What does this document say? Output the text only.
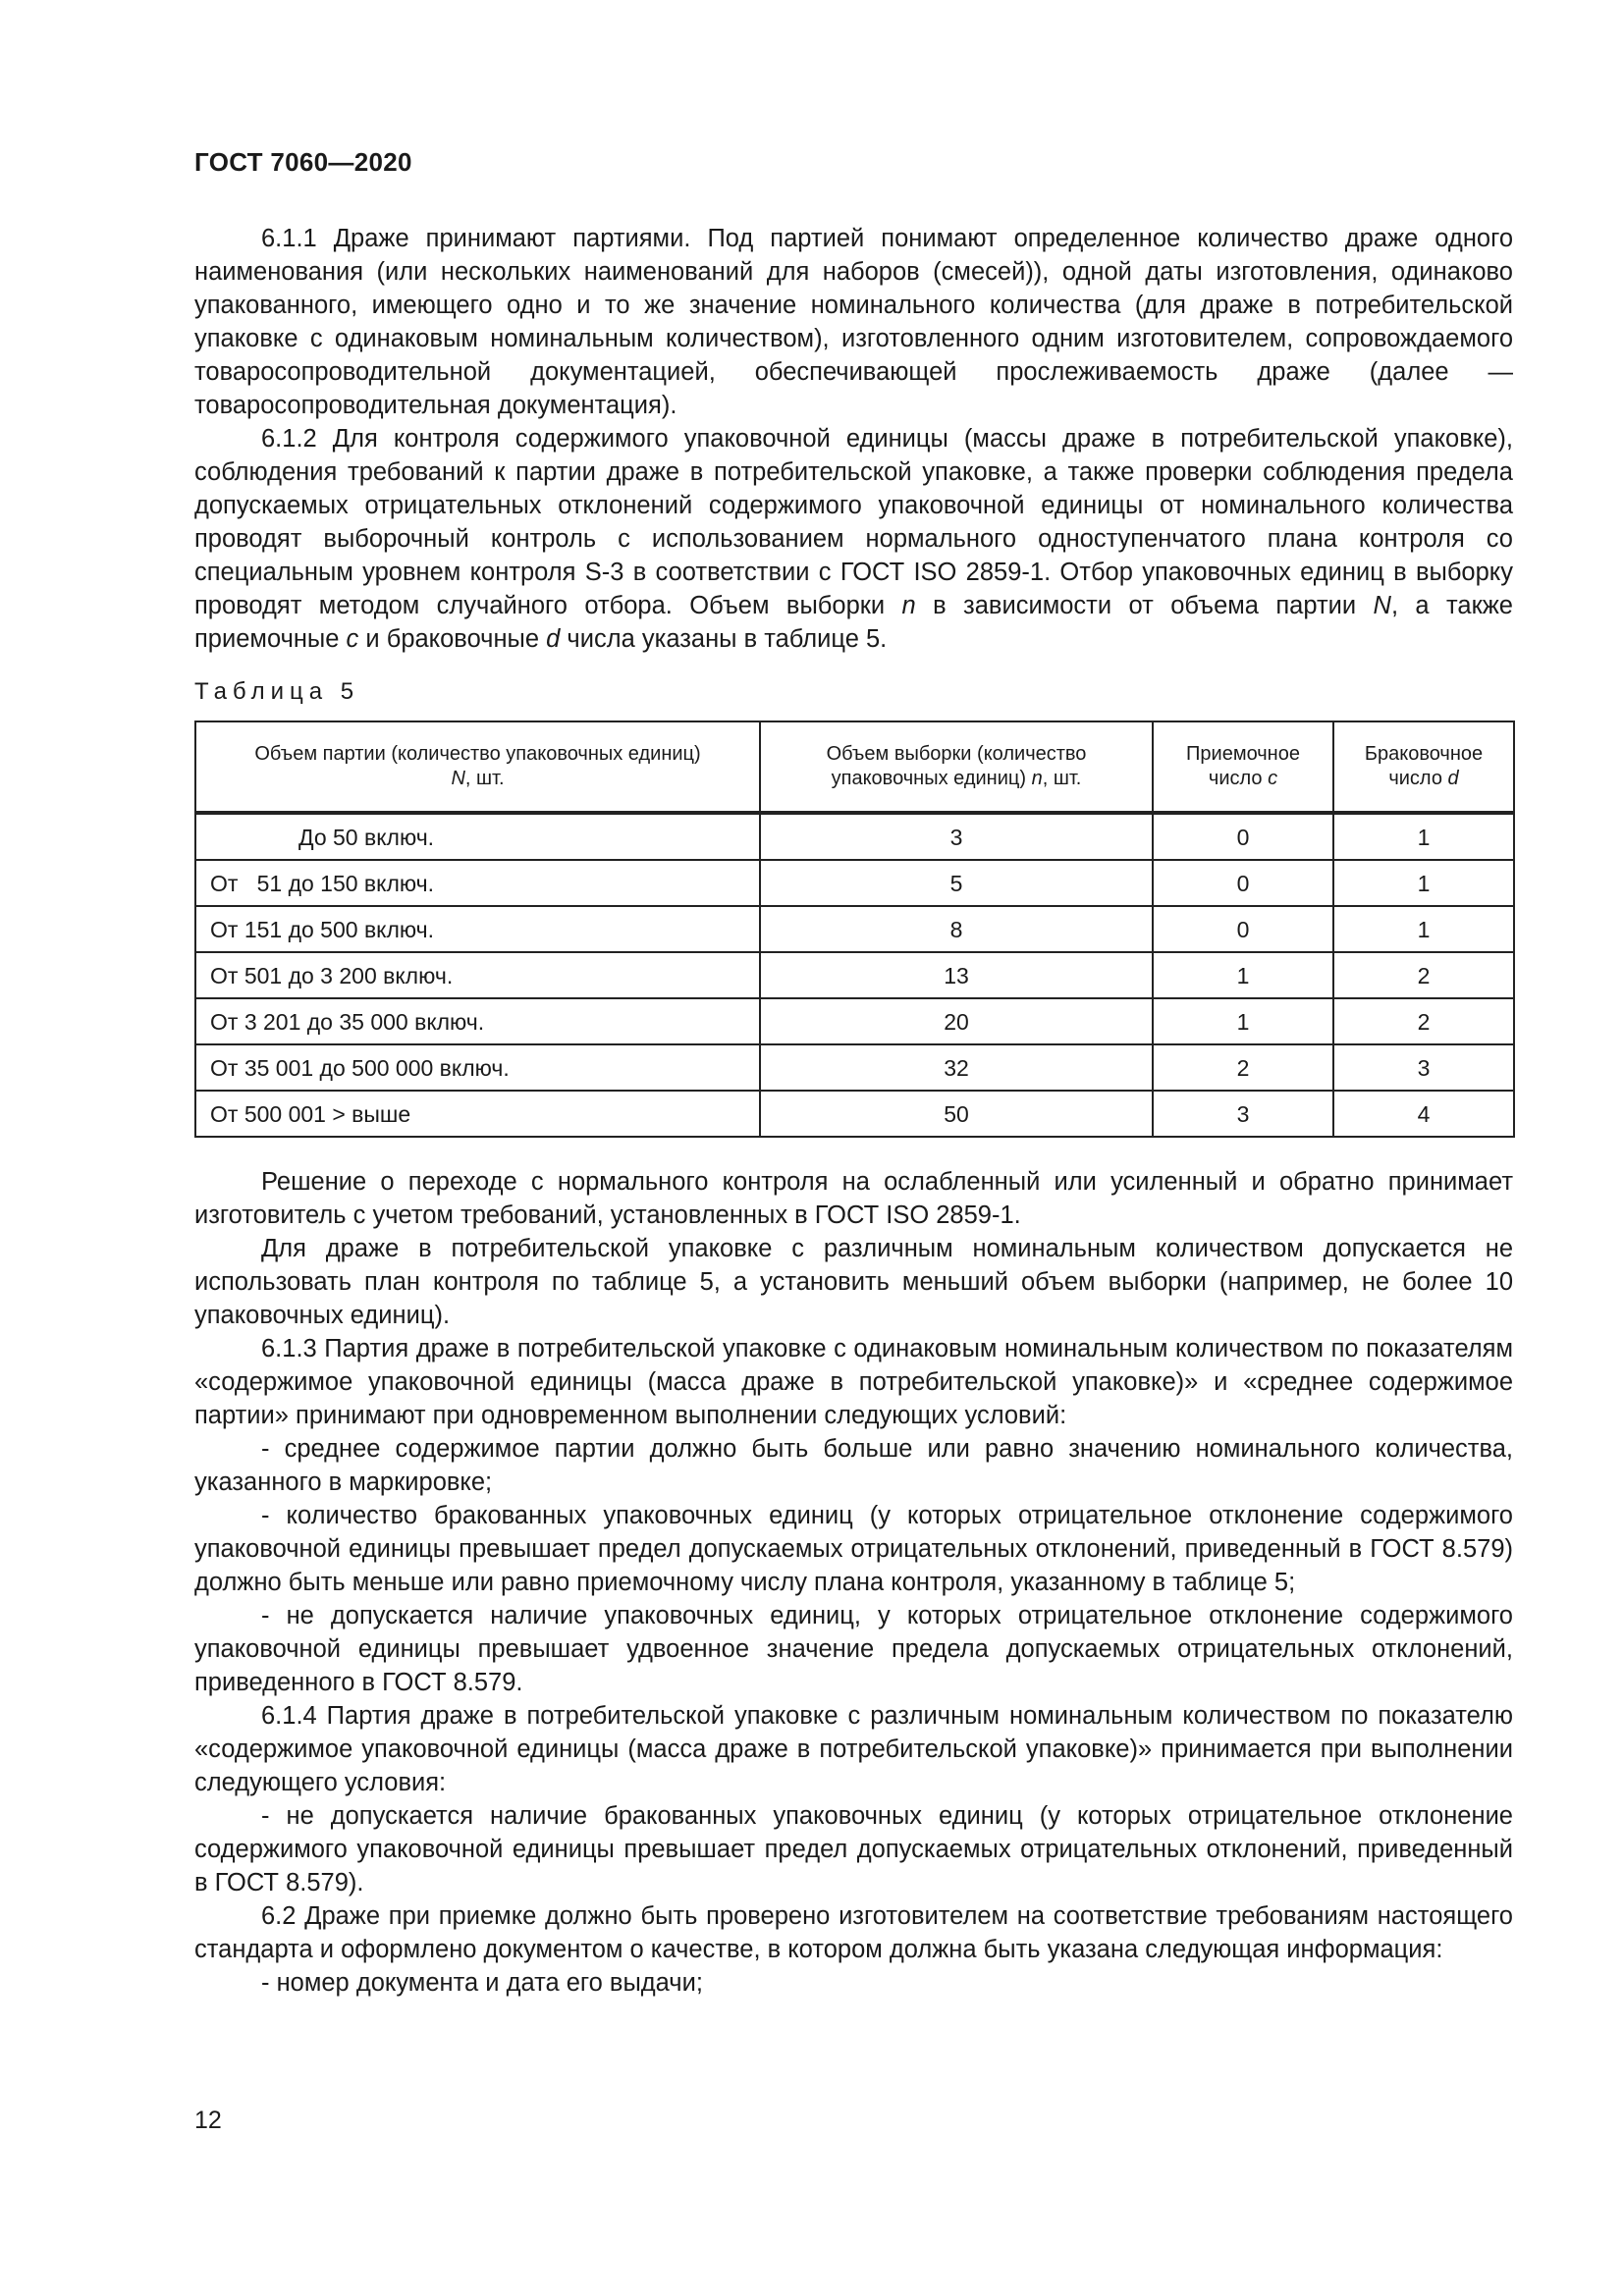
ГОСТ 7060—2020

6.1.1 Драже принимают партиями. Под партией понимают определенное количество драже одного наименования (или нескольких наименований для наборов (смесей)), одной даты изготовления, одинаково упакованного, имеющего одно и то же значение номинального количества (для драже в потребительской упаковке с одинаковым номинальным количеством), изготовленного одним изготовителем, сопровождаемого товаросопроводительной документацией, обеспечивающей прослеживаемость драже (далее — товаросопроводительная документация).

6.1.2 Для контроля содержимого упаковочной единицы (массы драже в потребительской упаковке), соблюдения требований к партии драже в потребительской упаковке, а также проверки соблюдения предела допускаемых отрицательных отклонений содержимого упаковочной единицы от номинального количества проводят выборочный контроль с использованием нормального одноступенчатого плана контроля со специальным уровнем контроля S-3 в соответствии с ГОСТ ISO 2859-1. Отбор упаковочных единиц в выборку проводят методом случайного отбора. Объем выборки n в зависимости от объема партии N, а также приемочные c и браковочные d числа указаны в таблице 5.

Таблица 5
Объем партии (количество упаковочных единиц)
N, шт.	Объем выборки (количество упаковочных единиц) n, шт.	Приемочное число c	Браковочное число d
До 50 включ.	3	0	1
От   51 до 150 включ.	5	0	1
От 151 до 500 включ.	8	0	1
От 501 до 3 200 включ.	13	1	2
От 3 201 до 35 000 включ.	20	1	2
От 35 001 до 500 000 включ.	32	2	3
От 500 001 > выше	50	3	4

Решение о переходе с нормального контроля на ослабленный или усиленный и обратно принимает изготовитель с учетом требований, установленных в ГОСТ ISO 2859-1.

Для драже в потребительской упаковке с различным номинальным количеством допускается не использовать план контроля по таблице 5, а установить меньший объем выборки (например, не более 10 упаковочных единиц).

6.1.3 Партия драже в потребительской упаковке с одинаковым номинальным количеством по показателям «содержимое упаковочной единицы (масса драже в потребительской упаковке)» и «среднее содержимое партии» принимают при одновременном выполнении следующих условий:

- среднее содержимое партии должно быть больше или равно значению номинального количества, указанного в маркировке;

- количество бракованных упаковочных единиц (у которых отрицательное отклонение содержимого упаковочной единицы превышает предел допускаемых отрицательных отклонений, приведенный в ГОСТ 8.579) должно быть меньше или равно приемочному числу плана контроля, указанному в таблице 5;

- не допускается наличие упаковочных единиц, у которых отрицательное отклонение содержимого упаковочной единицы превышает удвоенное значение предела допускаемых отрицательных отклонений, приведенного в ГОСТ 8.579.

6.1.4 Партия драже в потребительской упаковке с различным номинальным количеством по показателю «содержимое упаковочной единицы (масса драже в потребительской упаковке)» принимается при выполнении следующего условия:

- не допускается наличие бракованных упаковочных единиц (у которых отрицательное отклонение содержимого упаковочной единицы превышает предел допускаемых отрицательных отклонений, приведенный в ГОСТ 8.579).

6.2 Драже при приемке должно быть проверено изготовителем на соответствие требованиям настоящего стандарта и оформлено документом о качестве, в котором должна быть указана следующая информация:

- номер документа и дата его выдачи;

12
